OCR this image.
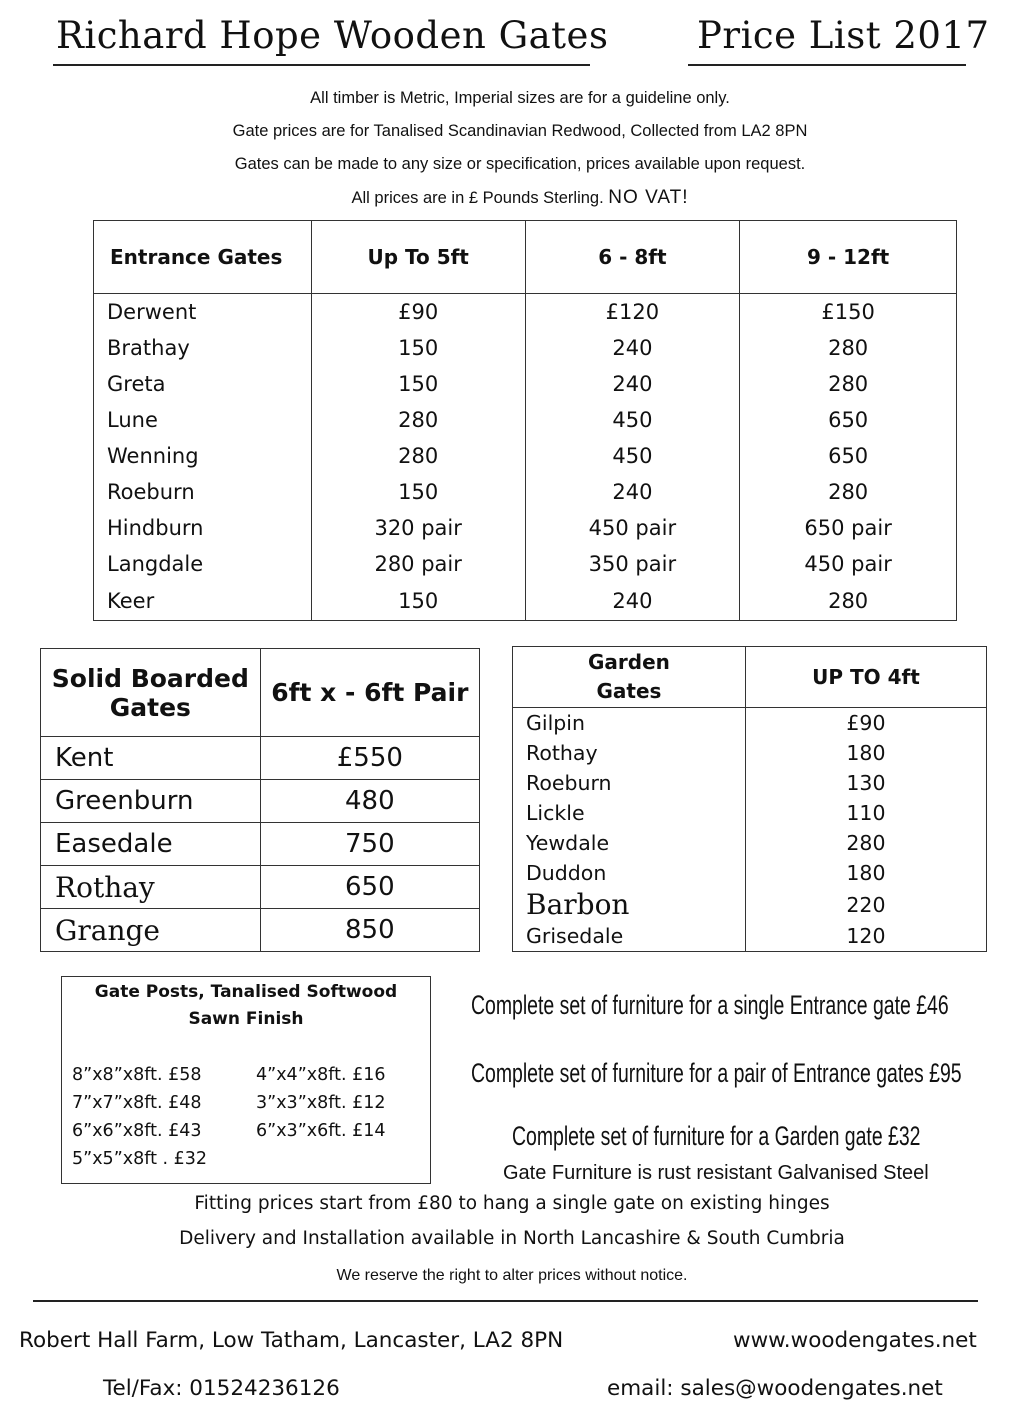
Richard Hope Wooden Gates Price List 2017
All timber is Metric, Imperial sizes are for a guideline only.
Gate prices are for Tanalised Scandinavian Redwood, Collected from LA2 8PN
Gates can be made to any size or specification, prices available upon request.
All prices are in £ Pounds Sterling. NO VAT!
Entrance Gates	Up To 5ft	6 - 8ft	9 - 12ft
Derwent	£90	£120	£150
Brathay	150	240	280
Greta	150	240	280
Lune	280	450	650
Wenning	280	450	650
Roeburn	150	240	280
Hindburn	320 pair	450 pair	650 pair
Langdale	280 pair	350 pair	450 pair
Keer	150	240	280
Solid Boarded Gates	6ft x - 6ft Pair
Kent	£550
Greenburn	480
Easedale	750
Rothay	650
Grange	850
Garden Gates	UP TO 4ft
Gilpin	£90
Rothay	180
Roeburn	130
Lickle	110
Yewdale	280
Duddon	180
Barbon	220
Grisedale	120
Gate Posts, Tanalised Softwood
Sawn Finish
8”x8”x8ft. £58
7”x7”x8ft. £48
6”x6”x8ft. £43
5”x5”x8ft . £32
4”x4”x8ft. £16
3”x3”x8ft. £12
6”x3”x6ft. £14
Complete set of furniture for a single Entrance gate £46
Complete set of furniture for a pair of Entrance gates £95
Complete set of furniture for a Garden gate £32
Gate Furniture is rust resistant Galvanised Steel
Fitting prices start from £80 to hang a single gate on existing hinges
Delivery and Installation available in North Lancashire & South Cumbria
We reserve the right to alter prices without notice.
Robert Hall Farm, Low Tatham, Lancaster, LA2 8PN	www.woodengates.net
Tel/Fax: 01524236126	email: sales@woodengates.net
